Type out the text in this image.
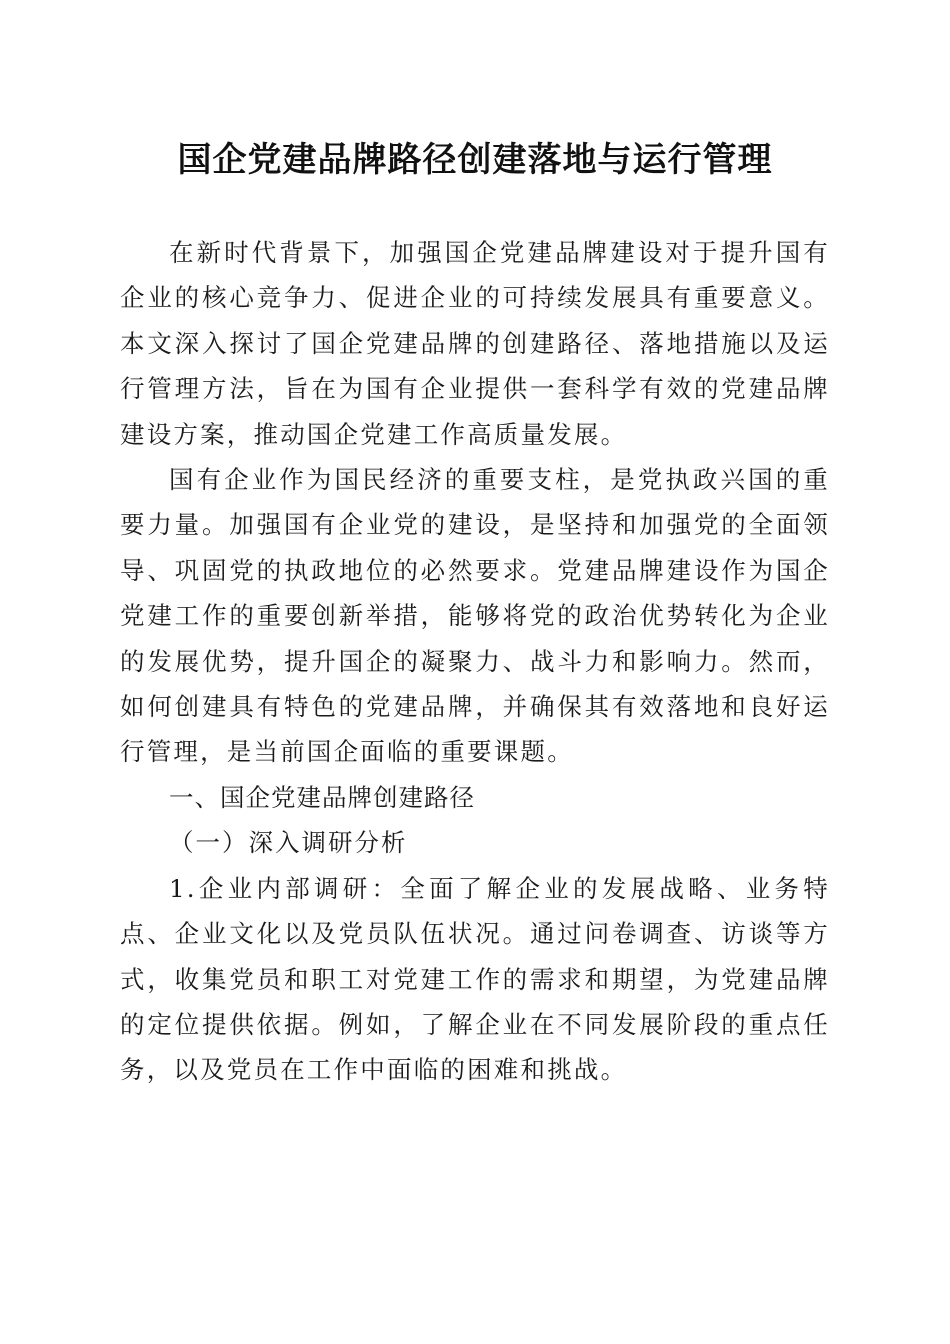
国企党建品牌路径创建落地与运行管理

在新时代背景下，加强国企党建品牌建设对于提升国有企业的核心竞争力、促进企业的可持续发展具有重要意义。本文深入探讨了国企党建品牌的创建路径、落地措施以及运行管理方法，旨在为国有企业提供一套科学有效的党建品牌建设方案，推动国企党建工作高质量发展。

国有企业作为国民经济的重要支柱，是党执政兴国的重要力量。加强国有企业党的建设，是坚持和加强党的全面领导、巩固党的执政地位的必然要求。党建品牌建设作为国企党建工作的重要创新举措，能够将党的政治优势转化为企业的发展优势，提升国企的凝聚力、战斗力和影响力。然而，如何创建具有特色的党建品牌，并确保其有效落地和良好运行管理，是当前国企面临的重要课题。

一、国企党建品牌创建路径

（一）深入调研分析

1.企业内部调研：全面了解企业的发展战略、业务特点、企业文化以及党员队伍状况。通过问卷调查、访谈等方式，收集党员和职工对党建工作的需求和期望，为党建品牌的定位提供依据。例如，了解企业在不同发展阶段的重点任务，以及党员在工作中面临的困难和挑战。
